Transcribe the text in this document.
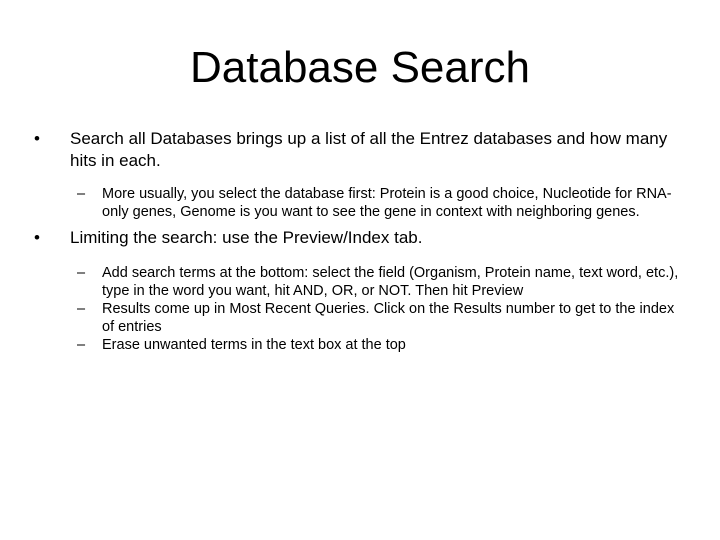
Database Search
• Search all Databases brings up a list of all the Entrez databases and how many hits in each.
– More usually, you select the database first: Protein is a good choice, Nucleotide for RNA-only genes, Genome is you want to see the gene in context with neighboring genes.
• Limiting the search: use the Preview/Index tab.
– Add search terms at the bottom: select the field (Organism, Protein name, text word, etc.), type in the word you want, hit AND, OR, or NOT. Then hit Preview
– Results come up in Most Recent Queries. Click on the Results number to get to the index of entries
– Erase unwanted terms in the text box at the top
